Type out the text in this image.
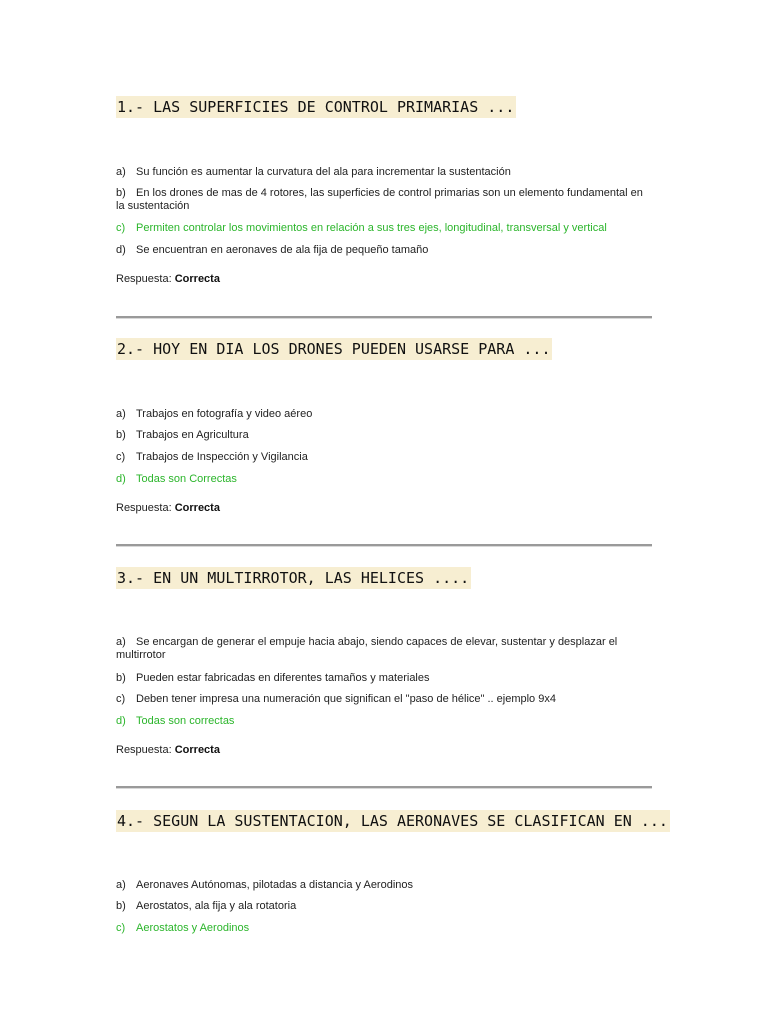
1.- LAS SUPERFICIES DE CONTROL PRIMARIAS ...
a) Su función es aumentar la curvatura del ala para incrementar la sustentación
b) En los drones de mas de 4 rotores, las superficies de control primarias son un elemento fundamental en la sustentación
c) Permiten controlar los movimientos en relación a sus tres ejes, longitudinal, transversal y vertical
d) Se encuentran en aeronaves de ala fija de pequeño tamaño
Respuesta: Correcta
2.- HOY EN DIA LOS DRONES PUEDEN USARSE PARA ...
a) Trabajos en fotografía y video aéreo
b) Trabajos en Agricultura
c) Trabajos de Inspección y Vigilancia
d) Todas son Correctas
Respuesta: Correcta
3.- EN UN MULTIRROTOR, LAS HELICES ....
a) Se encargan de generar el empuje hacia abajo, siendo capaces de elevar, sustentar y desplazar el multirrotor
b) Pueden estar fabricadas en diferentes tamaños y materiales
c) Deben tener impresa una numeración que significan el "paso de hélice" .. ejemplo 9x4
d) Todas son correctas
Respuesta: Correcta
4.- SEGUN LA SUSTENTACION, LAS AERONAVES SE CLASIFICAN EN ...
a) Aeronaves Autónomas, pilotadas a distancia y Aerodinos
b) Aerostatos, ala fija y ala rotatoria
c) Aerostatos y Aerodinos
